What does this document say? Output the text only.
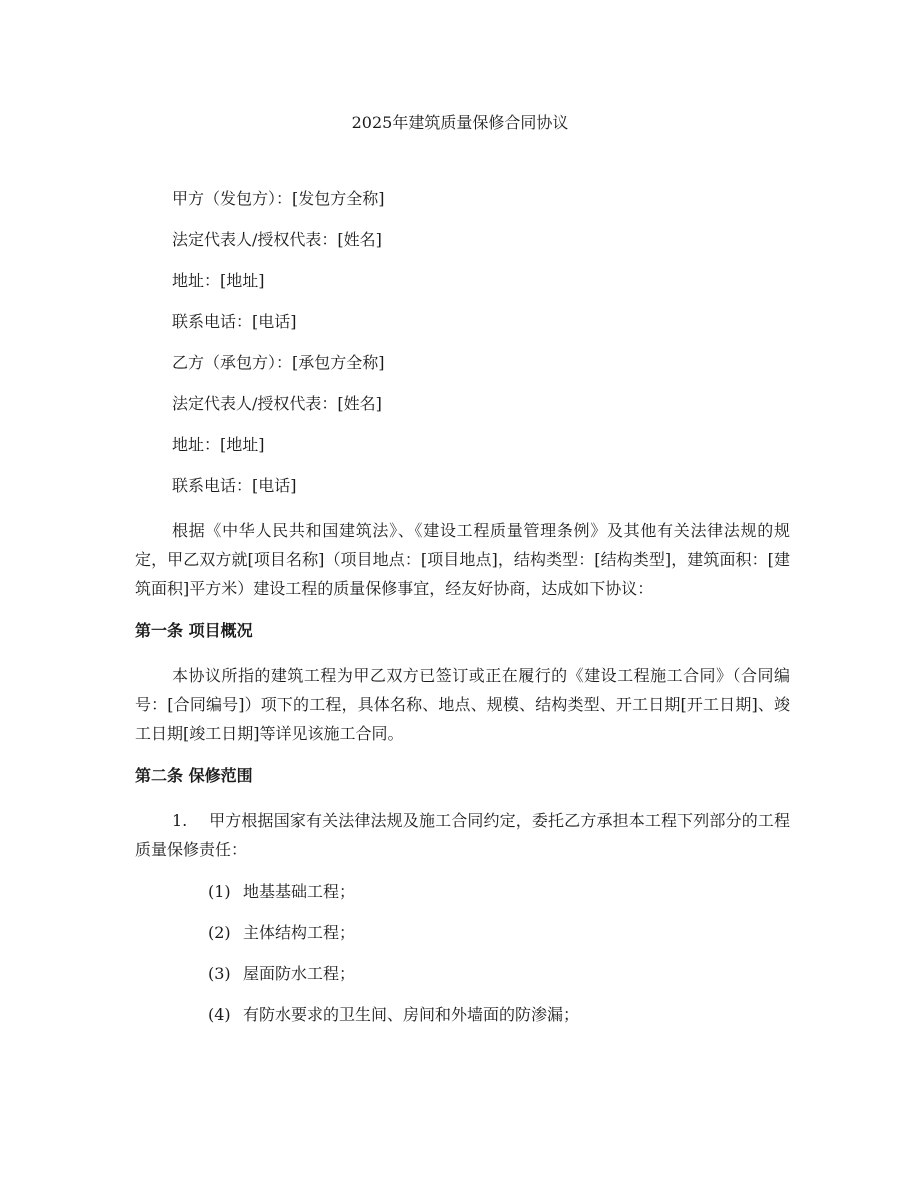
2025年建筑质量保修合同协议
甲方（发包方）：[发包方全称]
法定代表人/授权代表：[姓名]
地址：[地址]
联系电话：[电话]
乙方（承包方）：[承包方全称]
法定代表人/授权代表：[姓名]
地址：[地址]
联系电话：[电话]

根据《中华人民共和国建筑法》、《建设工程质量管理条例》及其他有关法律法规的规定，甲乙双方就[项目名称]（项目地点：[项目地点]，结构类型：[结构类型]，建筑面积：[建筑面积]平方米）建设工程的质量保修事宜，经友好协商，达成如下协议：

第一条 项目概况

本协议所指的建筑工程为甲乙双方已签订或正在履行的《建设工程施工合同》（合同编号：[合同编号]）项下的工程，具体名称、地点、规模、结构类型、开工日期[开工日期]、竣工日期[竣工日期]等详见该施工合同。

第二条 保修范围

1. 甲方根据国家有关法律法规及施工合同约定，委托乙方承担本工程下列部分的工程质量保修责任：

(1) 地基基础工程；
(2) 主体结构工程；
(3) 屋面防水工程；
(4) 有防水要求的卫生间、房间和外墙面的防渗漏；
